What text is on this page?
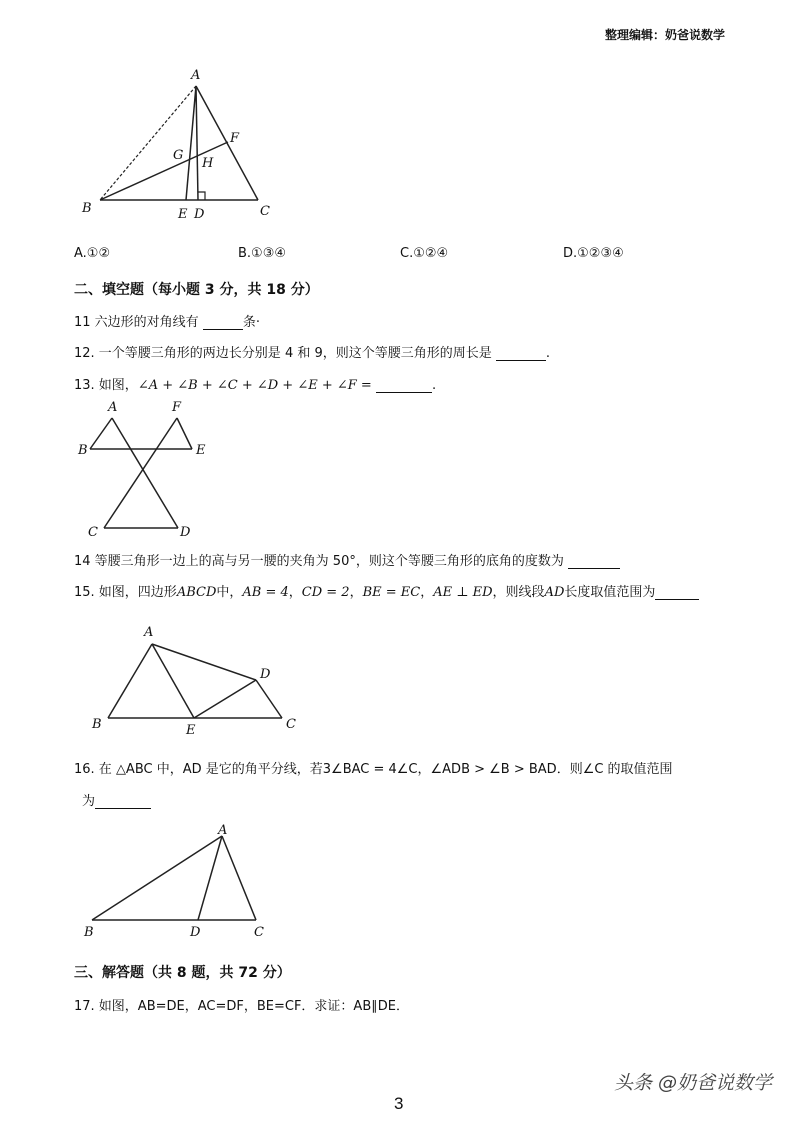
整理编辑：奶爸说数学
A
B	C
E D
F
G
H
A.①②	B.①③④	C.①②④	D.①②③④
二、填空题（每小题 3 分，共 18 分）
11 六边形的对角线有	条·
12. 一个等腰三角形的两边长分别是 4 和 9，则这个等腰三角形的周长是	.
13. 如图，∠A + ∠B + ∠C + ∠D + ∠E + ∠F =	.
A
B
C	D
E
F
14 等腰三角形一边上的高与另一腰的夹角为 50°，则这个等腰三角形的底角的度数为
15. 如图，四边形ABCD中，AB = 4，CD = 2，BE = EC，AE ⊥ ED，则线段AD长度取值范围为
A
B	C
D
E
16. 在 △ABC 中，AD 是它的角平分线，若3∠BAC = 4∠C，∠ADB > ∠B > BAD．则∠C 的取值范围
为
A
B	C
D
三、解答题（共 8 题，共 72 分）
17. 如图，AB=DE，AC=DF，BE=CF．求证：AB∥DE．
头条 @奶爸说数学
3
